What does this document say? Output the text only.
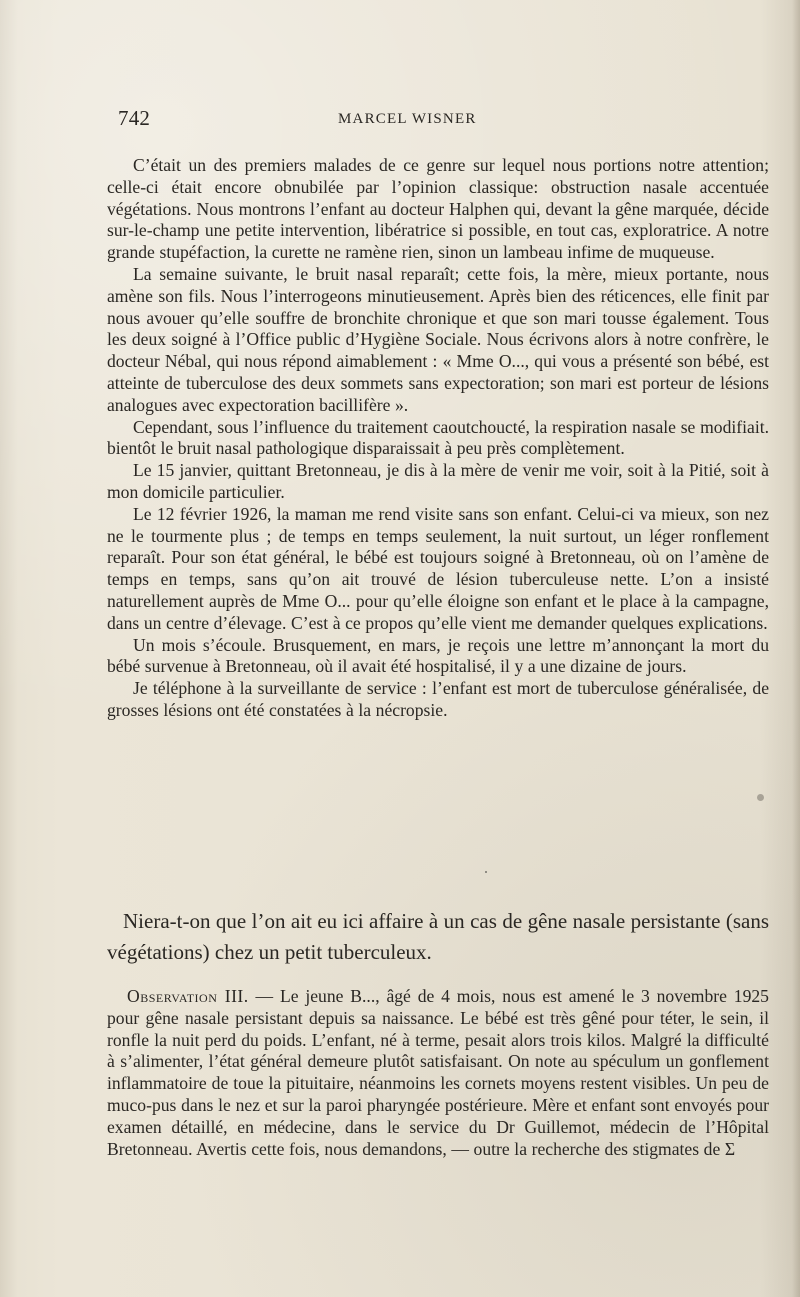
742	MARCEL WISNER

C’était un des premiers malades de ce genre sur lequel nous portions notre attention; celle-ci était encore obnubilée par l’opinion classique: obstruction nasale accentuée végétations. Nous montrons l’enfant au docteur Halphen qui, devant la gêne marquée, décide sur-le-champ une petite intervention, libératrice si possible, en tout cas, exploratrice. A notre grande stupéfaction, la curette ne ramène rien, sinon un lambeau infime de muqueuse.

La semaine suivante, le bruit nasal reparaît; cette fois, la mère, mieux portante, nous amène son fils. Nous l’interrogeons minutieusement. Après bien des réticences, elle finit par nous avouer qu’elle souffre de bronchite chronique et que son mari tousse également. Tous les deux soigné à l’Office public d’Hygiène Sociale. Nous écrivons alors à notre confrère, le docteur Nébal, qui nous répond aimablement : « Mme O..., qui vous a présenté son bébé, est atteinte de tuberculose des deux sommets sans expectoration; son mari est porteur de lésions analogues avec expectoration bacillifère ».

Cependant, sous l’influence du traitement caoutchoucté, la respiration nasale se modifiait. bientôt le bruit nasal pathologique disparaissait à peu près complètement.

Le 15 janvier, quittant Bretonneau, je dis à la mère de venir me voir, soit à la Pitié, soit à mon domicile particulier.

Le 12 février 1926, la maman me rend visite sans son enfant. Celui-ci va mieux, son nez ne le tourmente plus ; de temps en temps seulement, la nuit surtout, un léger ronflement reparaît. Pour son état général, le bébé est toujours soigné à Bretonneau, où on l’amène de temps en temps, sans qu’on ait trouvé de lésion tuberculeuse nette. L’on a insisté naturellement auprès de Mme O... pour qu’elle éloigne son enfant et le place à la campagne, dans un centre d’élevage. C’est à ce propos qu’elle vient me demander quelques explications.

Un mois s’écoule. Brusquement, en mars, je reçois une lettre m’annonçant la mort du bébé survenue à Bretonneau, où il avait été hospitalisé, il y a une dizaine de jours.

Je téléphone à la surveillante de service : l’enfant est mort de tuberculose généralisée, de grosses lésions ont été constatées à la nécropsie.

Niera-t-on que l’on ait eu ici affaire à un cas de gêne nasale persistante (sans végétations) chez un petit tuberculeux.

Observation III. — Le jeune B..., âgé de 4 mois, nous est amené le 3 novembre 1925 pour gêne nasale persistant depuis sa naissance. Le bébé est très gêné pour téter, le sein, il ronfle la nuit perd du poids. L’enfant, né à terme, pesait alors trois kilos. Malgré la difficulté à s’alimenter, l’état général demeure plutôt satisfaisant. On note au spéculum un gonflement inflammatoire de toue la pituitaire, néanmoins les cornets moyens restent visibles. Un peu de muco-pus dans le nez et sur la paroi pharyngée postérieure. Mère et enfant sont envoyés pour examen détaillé, en médecine, dans le service du Dr Guillemot, médecin de l’Hôpital Bretonneau. Avertis cette fois, nous demandons, — outre la recherche des stigmates de Σ
